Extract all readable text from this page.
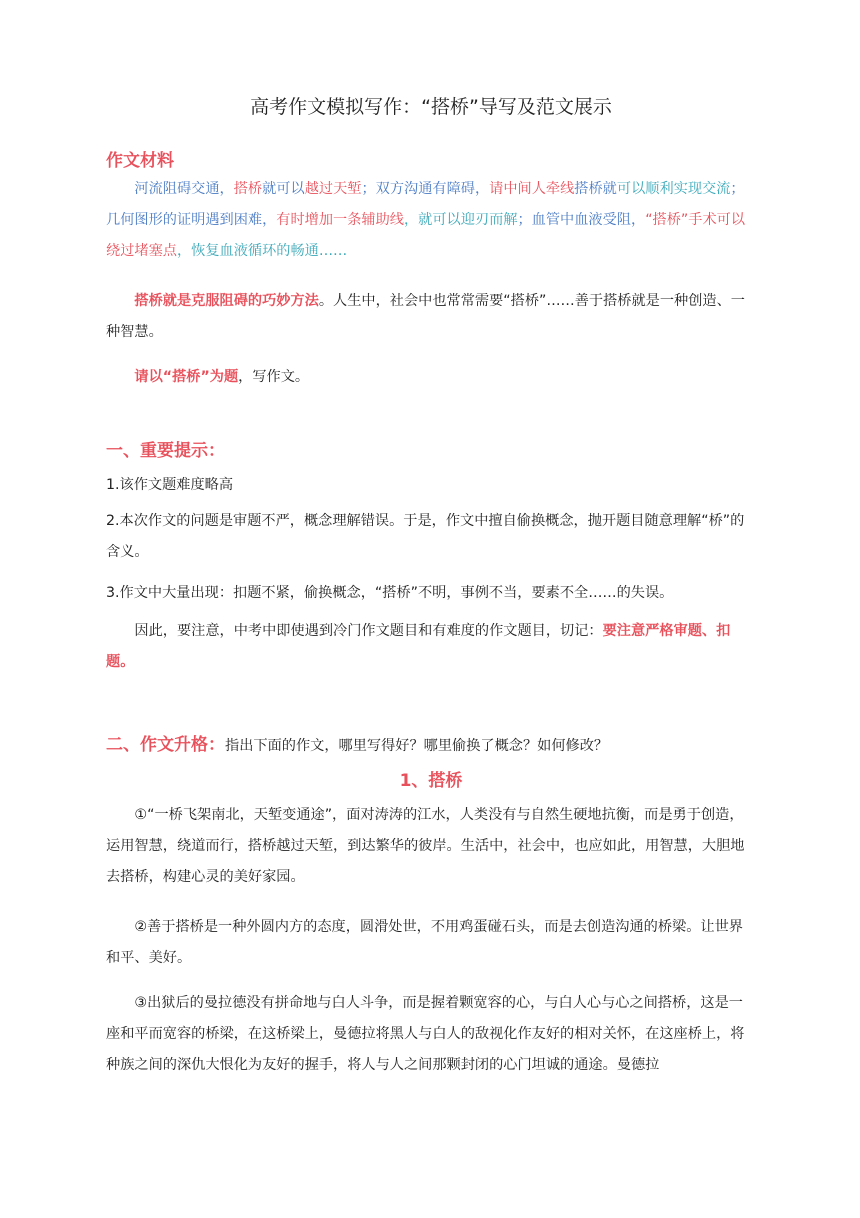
高考作文模拟写作：“搭桥”导写及范文展示
作文材料

河流阻碍交通，搭桥就可以越过天堑；双方沟通有障碍，请中间人牵线搭桥就可以顺利实现交流；几何图形的证明遇到困难，有时增加一条辅助线，就可以迎刃而解；血管中血液受阻，“搭桥”手术可以绕过堵塞点，恢复血液循环的畅通……

搭桥就是克服阻碍的巧妙方法。人生中，社会中也常常需要“搭桥”……善于搭桥就是一种创造、一种智慧。

请以“搭桥”为题，写作文。

一、重要提示：

1.该作文题难度略高

2.本次作文的问题是审题不严，概念理解错误。于是，作文中擅自偷换概念，抛开题目随意理解“桥”的含义。

3.作文中大量出现：扣题不紧，偷换概念，“搭桥”不明，事例不当，要素不全……的失误。

因此，要注意，中考中即使遇到冷门作文题目和有难度的作文题目，切记：要注意严格审题、扣题。

二、作文升格：指出下面的作文，哪里写得好？哪里偷换了概念？如何修改？
1、搭桥

①“一桥飞架南北，天堑变通途”，面对涛涛的江水，人类没有与自然生硬地抗衡，而是勇于创造，运用智慧，绕道而行，搭桥越过天堑，到达繁华的彼岸。生活中，社会中，也应如此，用智慧，大胆地去搭桥，构建心灵的美好家园。

②善于搭桥是一种外圆内方的态度，圆滑处世，不用鸡蛋碰石头，而是去创造沟通的桥梁。让世界和平、美好。

③出狱后的曼拉德没有拼命地与白人斗争，而是握着颗宽容的心，与白人心与心之间搭桥，这是一座和平而宽容的桥梁，在这桥梁上，曼德拉将黑人与白人的敌视化作友好的相对关怀，在这座桥上，将种族之间的深仇大恨化为友好的握手，将人与人之间那颗封闭的心门坦诚的通途。曼德拉
